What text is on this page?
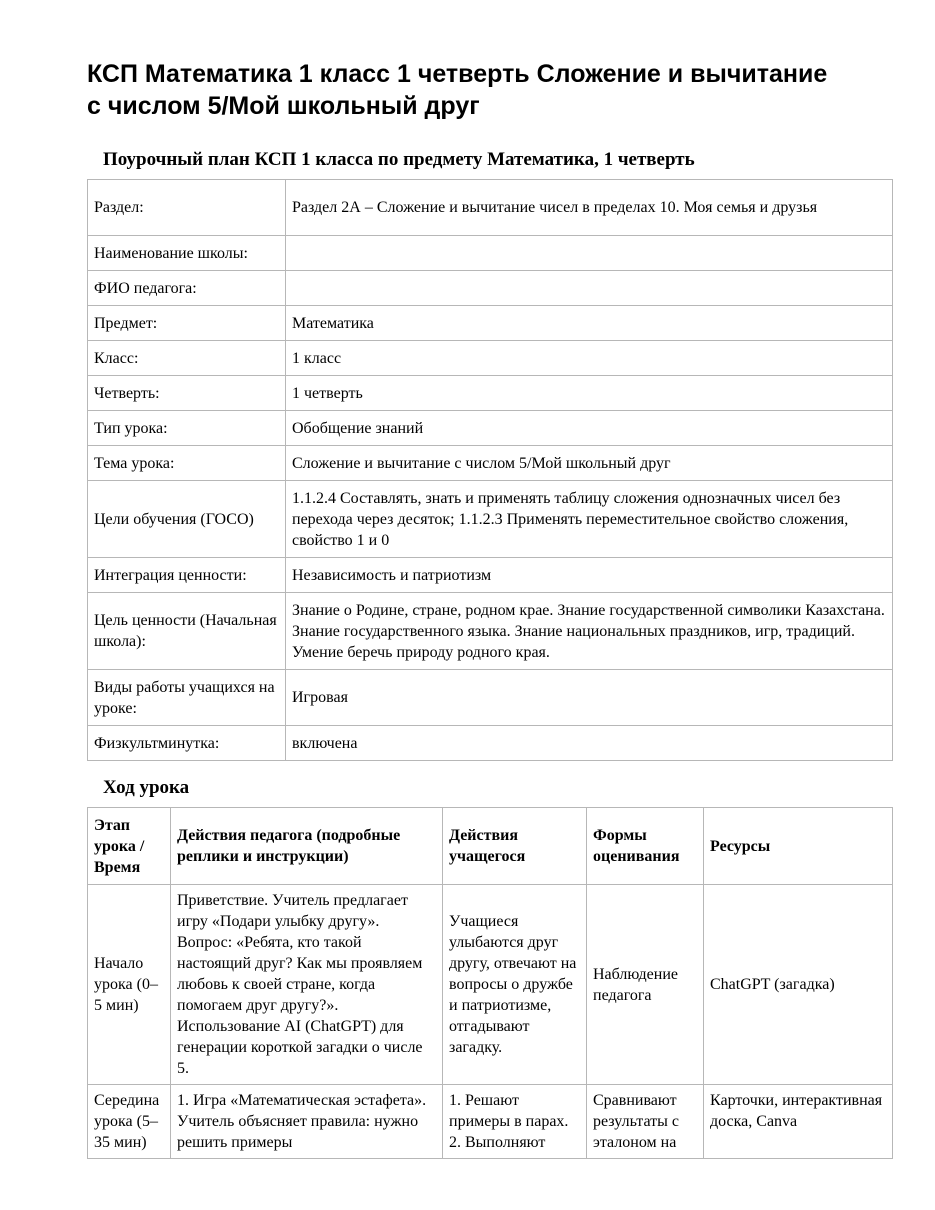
КСП Математика 1 класс 1 четверть Сложение и вычитание с числом 5/Мой школьный друг
Поурочный план КСП 1 класса по предмету Математика, 1 четверть
Раздел:	Раздел 2А – Сложение и вычитание чисел в пределах 10. Моя семья и друзья
Наименование школы:	
ФИО педагога:	
Предмет:	Математика
Класс:	1 класс
Четверть:	1 четверть
Тип урока:	Обобщение знаний
Тема урока:	Сложение и вычитание с числом 5/Мой школьный друг
Цели обучения (ГОСО)	1.1.2.4 Составлять, знать и применять таблицу сложения однозначных чисел без перехода через десяток; 1.1.2.3 Применять переместительное свойство сложения, свойство 1 и 0
Интеграция ценности:	Независимость и патриотизм
Цель ценности (Начальная школа):	Знание о Родине, стране, родном крае. Знание государственной символики Казахстана. Знание государственного языка. Знание национальных праздников, игр, традиций. Умение беречь природу родного края.
Виды работы учащихся на уроке:	Игровая
Физкультминутка:	включена
Ход урока
Этап урока / Время	Действия педагога (подробные реплики и инструкции)	Действия учащегося	Формы оценивания	Ресурсы
Начало урока (0–5 мин)	Приветствие. Учитель предлагает игру «Подари улыбку другу». Вопрос: «Ребята, кто такой настоящий друг? Как мы проявляем любовь к своей стране, когда помогаем друг другу?». Использование AI (ChatGPT) для генерации короткой загадки о числе 5.	Учащиеся улыбаются друг другу, отвечают на вопросы о дружбе и патриотизме, отгадывают загадку.	Наблюдение педагога	ChatGPT (загадка)
Середина урока (5–35 мин)	1. Игра «Математическая эстафета». Учитель объясняет правила: нужно решить примеры	1. Решают примеры в парах. 2. Выполняют	Сравнивают результаты с эталоном на	Карточки, интерактивная доска, Canva
